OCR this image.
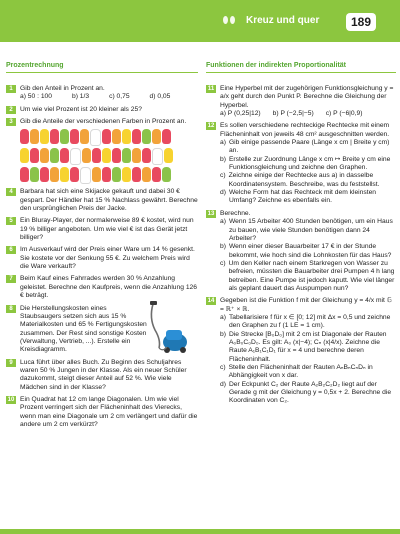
Kreuz und quer	189
Prozentrechnung
1	Gib den Anteil in Prozent an.
a) 50 : 100	b) 1/3	c) 0,75	d) 0,05
2	Um wie viel Prozent ist 20 kleiner als 25?
3	Gib die Anteile der verschiedenen Farben in Prozent an.
4	Barbara hat sich eine Skijacke gekauft und dabei 30 € gespart. Der Händler hat 15 % Nachlass gewährt. Berechne den ursprünglichen Preis der Jacke.
5	Ein Bluray-Player, der normalerweise 89 € kostet, wird nun 19 % billiger angeboten. Um wie viel € ist das Gerät jetzt billiger?
6	Im Ausverkauf wird der Preis einer Ware um 14 % gesenkt. Sie kostete vor der Senkung 55 €. Zu welchem Preis wird die Ware verkauft?
7	Beim Kauf eines Fahrrades werden 30 % Anzahlung geleistet. Berechne den Kaufpreis, wenn die Anzahlung 126 € beträgt.
8	Die Herstellungskosten eines Staubsaugers setzen sich aus 15 % Materialkosten und 65 % Fertigungskosten zusammen. Der Rest sind sonstige Kosten (Verwaltung, Vertrieb, ...). Erstelle ein Kreisdiagramm.
9	Luca führt über alles Buch. Zu Beginn des Schuljahres waren 50 % Jungen in der Klasse. Als ein neuer Schüler dazukommt, steigt dieser Anteil auf 52 %. Wie viele Mädchen sind in der Klasse?
10 Ein Quadrat hat 12 cm lange Diagonalen. Um wie viel Prozent verringert sich der Flächeninhalt des Vierecks, wenn man eine Diagonale um 2 cm verlängert und dafür die andere um 2 cm verkürzt?
Funktionen der indirekten Proportionalität
11 Eine Hyperbel mit der zugehörigen Funktionsgleichung y = a/x geht durch den Punkt P. Berechne die Gleichung der Hyperbel.
a) P (0,25|12) b) P (−2,5|−5) c) P (−6|0,9)
12 Es sollen verschiedene rechteckige Rechtecke mit einem Flächeninhalt von jeweils 48 cm² ausgeschnitten werden.
a) Gib einige passende Paare (Länge x cm | Breite y cm) an.
b) Erstelle zur Zuordnung Länge x cm ↦ Breite y cm eine Funktionsgleichung und zeichne den Graphen.
c) Zeichne einige der Rechtecke aus a) in dasselbe Koordinatensystem. Beschreibe, was du feststellst.
d) Welche Form hat das Rechteck mit dem kleinsten Umfang? Zeichne es ebenfalls ein.
13 Berechne.
a) Wenn 15 Arbeiter 400 Stunden benötigen, um ein Haus zu bauen, wie viele Stunden benötigen dann 24 Arbeiter?
b) Wenn einer dieser Bauarbeiter 17 € in der Stunde bekommt, wie hoch sind die Lohnkosten für das Haus?
c) Um den Keller nach einem Starkregen von Wasser zu befreien, müssten die Bauarbeiter drei Pumpen 4 h lang betreiben. Eine Pumpe ist jedoch kaputt. Wie viel länger als geplant dauert das Auspumpen nun?
14 Gegeben ist die Funktion f mit der Gleichung y = 4/x mit 𝔾 = ℝ⁺ × ℝ.
a) Tabellarisiere f für x ∈ [0; 12] mit Δx = 0,5 und zeichne den Graphen zu f (1 LE = 1 cm).
b) Die Strecke [B₀D₀] mit 2 cm ist Diagonale der Rauten A₀B₀C₀D₀. Es gilt: A₀ (x|−4); Cₙ (x|4/x). Zeichne die Raute A₁B₁C₁D₁ für x = 4 und berechne deren Flächeninhalt.
c) Stelle den Flächeninhalt der Rauten AₙBₙCₙDₙ in Abhängigkeit von x dar.
d) Der Eckpunkt C₂ der Raute A₂B₂C₂D₂ liegt auf der Gerade g mit der Gleichung y = 0,5x + 2. Berechne die Koordinaten von C₂.
